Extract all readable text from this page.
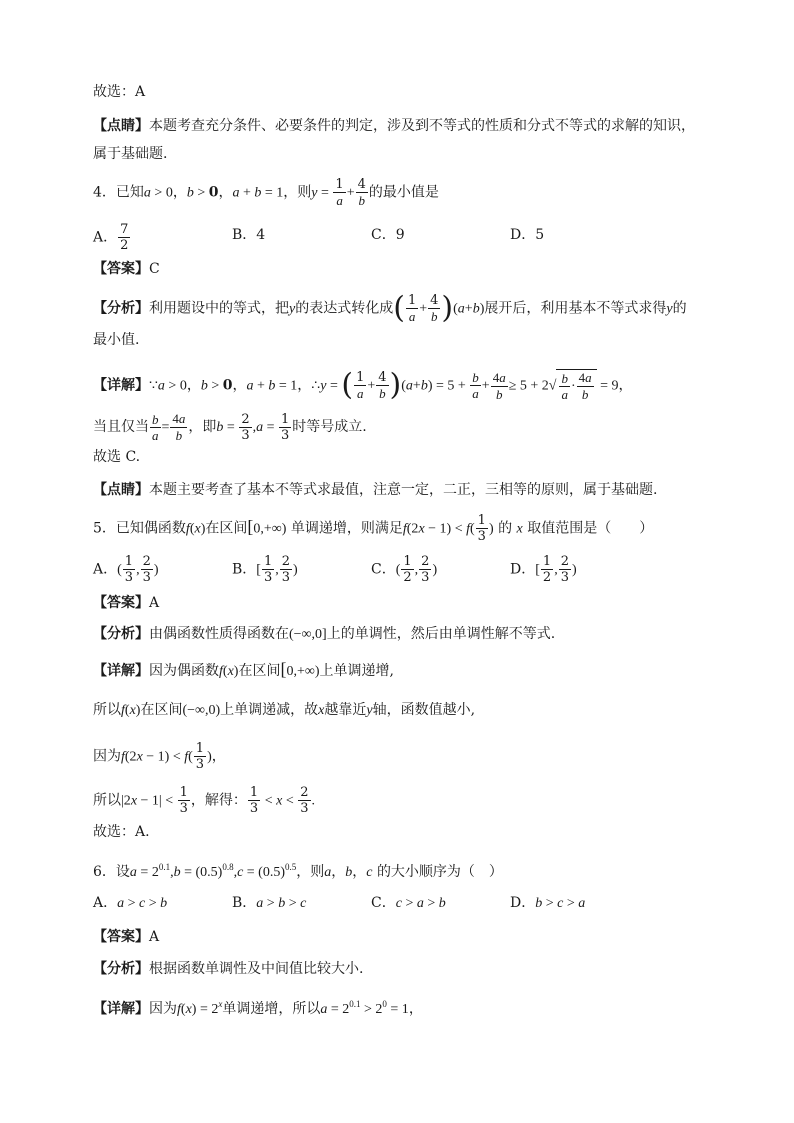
故选：A
【点睛】本题考查充分条件、必要条件的判定，涉及到不等式的性质和分式不等式的求解的知识，
属于基础题.
4．已知a > 0，b > 0，a + b = 1，则$y = \frac{1}{a} + \frac{4}{b}$ 的最小值是
A． $\frac{7}{2}$	B．4	C．9	D．5
【答案】C
【分析】利用题设中的等式，把y的表达式转化成( $\frac{1}{a} + \frac{4}{b} )(a+b)$展开后，利用基本不等式求得y的
最小值.
【详解】∵a > 0，b > 0，a + b = 1，∴y = ( $\frac{1}{a} + \frac{4}{b} )(a+b) = 5 + \frac{b}{a} + \frac{4a}{b} \ge 5 + 2√ \frac{b}{a} \cdot \frac{4a}{b} = 9$，
当且仅当 $\frac{b}{a} = \frac{4a}{b}$ ，即$b = \frac{2}{3} ,a = \frac{1}{3}$ 时等号成立.
故选 C.
【点睛】本题主要考查了基本不等式求最值，注意一定，二正，三相等的原则，属于基础题.
5．已知偶函数f(x)在区间[0,+∞) 单调递增，则满足$f(2x - 1) < f( \frac{1}{3}$ ) 的 x 取值范围是（　　）
A．( $\frac{1}{3}$ , $\frac{2}{3}$ )	B．[ $\frac{1}{3}$ , $\frac{2}{3}$ )	C．( $\frac{1}{2}$ , $\frac{2}{3}$ )	D．[ $\frac{1}{2}$ , $\frac{2}{3}$ )
【答案】A
【分析】由偶函数性质得函数在(−∞,0]上的单调性，然后由单调性解不等式.
【详解】因为偶函数f(x)在区间[0,+∞)上单调递增,
所以f(x)在区间(−∞,0)上单调递减，故x越靠近y轴，函数值越小,
因为$f(2x - 1) < f( \frac{1}{3}$ )，
所以$|2x - 1| < \frac{1}{3}$ ，解得： $\frac{1}{3} < x < \frac{2}{3}$ .
故选：A.
6．设$a = 2^{0.1},b = (0.5)^{0.8},c = (0.5)^{0.5}$，则a，b，c 的大小顺序为（　）
A．a > c > b	B．a > b > c	C．c > a > b	D．b > c > a
【答案】A
【分析】根据函数单调性及中间值比较大小.
【详解】因为$f(x) = 2^x$单调递增，所以$a = 2^{0.1} > 2^0 = 1$，
